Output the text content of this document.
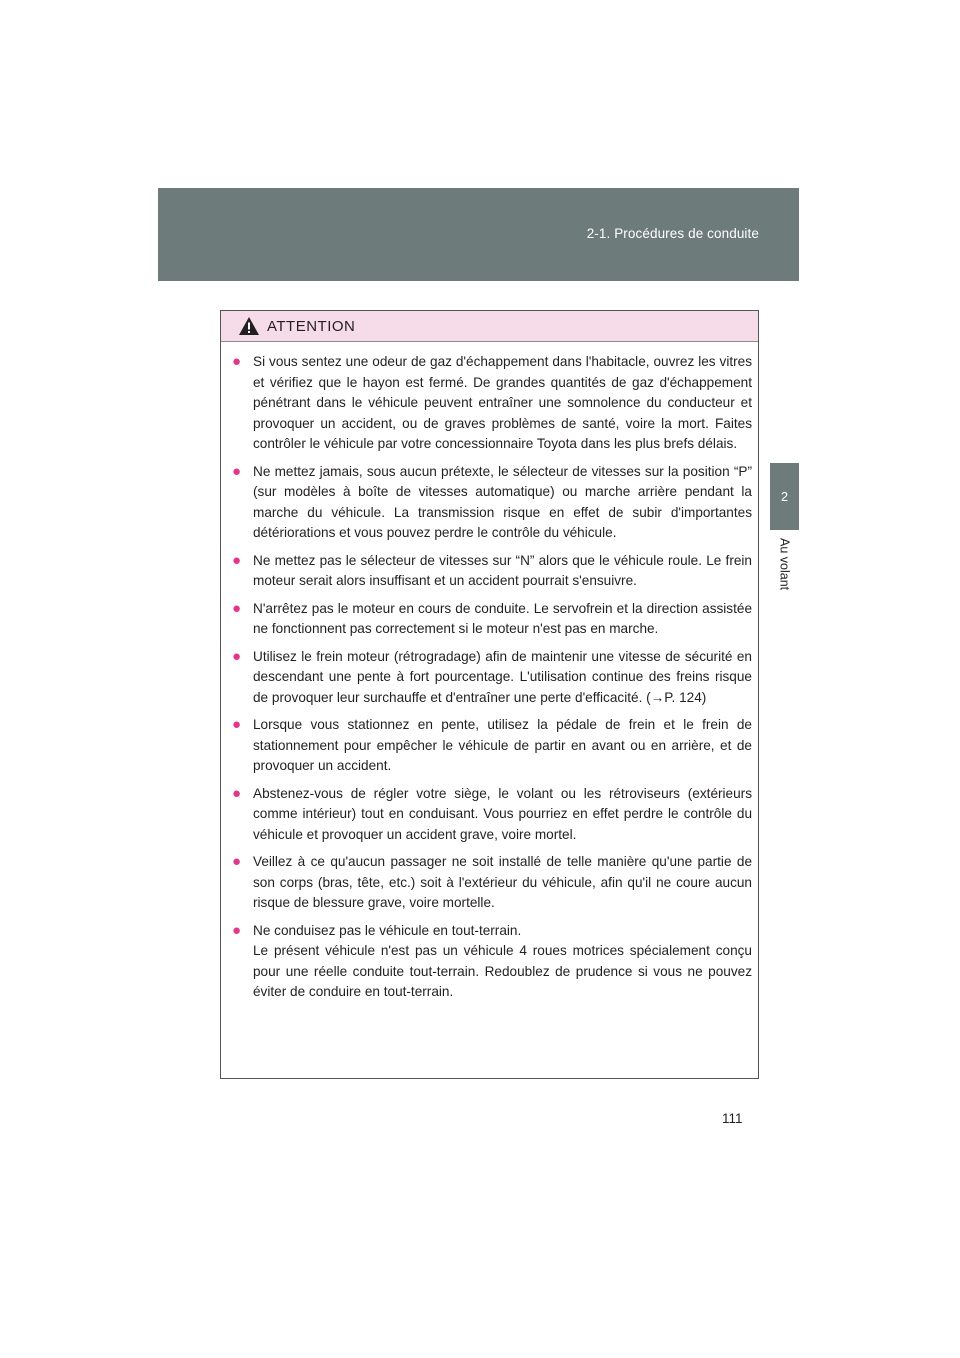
2-1. Procédures de conduite
2
Au volant
ATTENTION
● Si vous sentez une odeur de gaz d'échappement dans l'habitacle, ouvrez les vitres et vérifiez que le hayon est fermé. De grandes quantités de gaz d'échappement pénétrant dans le véhicule peuvent entraîner une somnolence du conducteur et provoquer un accident, ou de graves problèmes de santé, voire la mort. Faites contrôler le véhicule par votre concessionnaire Toyota dans les plus brefs délais.
● Ne mettez jamais, sous aucun prétexte, le sélecteur de vitesses sur la position “P” (sur modèles à boîte de vitesses automatique) ou marche arrière pendant la marche du véhicule. La transmission risque en effet de subir d'importantes détériorations et vous pouvez perdre le contrôle du véhicule.
● Ne mettez pas le sélecteur de vitesses sur “N” alors que le véhicule roule. Le frein moteur serait alors insuffisant et un accident pourrait s'ensuivre.
● N'arrêtez pas le moteur en cours de conduite. Le servofrein et la direction assistée ne fonctionnent pas correctement si le moteur n'est pas en marche.
● Utilisez le frein moteur (rétrogradage) afin de maintenir une vitesse de sécurité en descendant une pente à fort pourcentage. L'utilisation continue des freins risque de provoquer leur surchauffe et d'entraîner une perte d'efficacité. (→P. 124)
● Lorsque vous stationnez en pente, utilisez la pédale de frein et le frein de stationnement pour empêcher le véhicule de partir en avant ou en arrière, et de provoquer un accident.
● Abstenez-vous de régler votre siège, le volant ou les rétroviseurs (extérieurs comme intérieur) tout en conduisant. Vous pourriez en effet perdre le contrôle du véhicule et provoquer un accident grave, voire mortel.
● Veillez à ce qu'aucun passager ne soit installé de telle manière qu'une partie de son corps (bras, tête, etc.) soit à l'extérieur du véhicule, afin qu'il ne coure aucun risque de blessure grave, voire mortelle.
● Ne conduisez pas le véhicule en tout-terrain.
Le présent véhicule n'est pas un véhicule 4 roues motrices spécialement conçu pour une réelle conduite tout-terrain. Redoublez de prudence si vous ne pouvez éviter de conduire en tout-terrain.
111
